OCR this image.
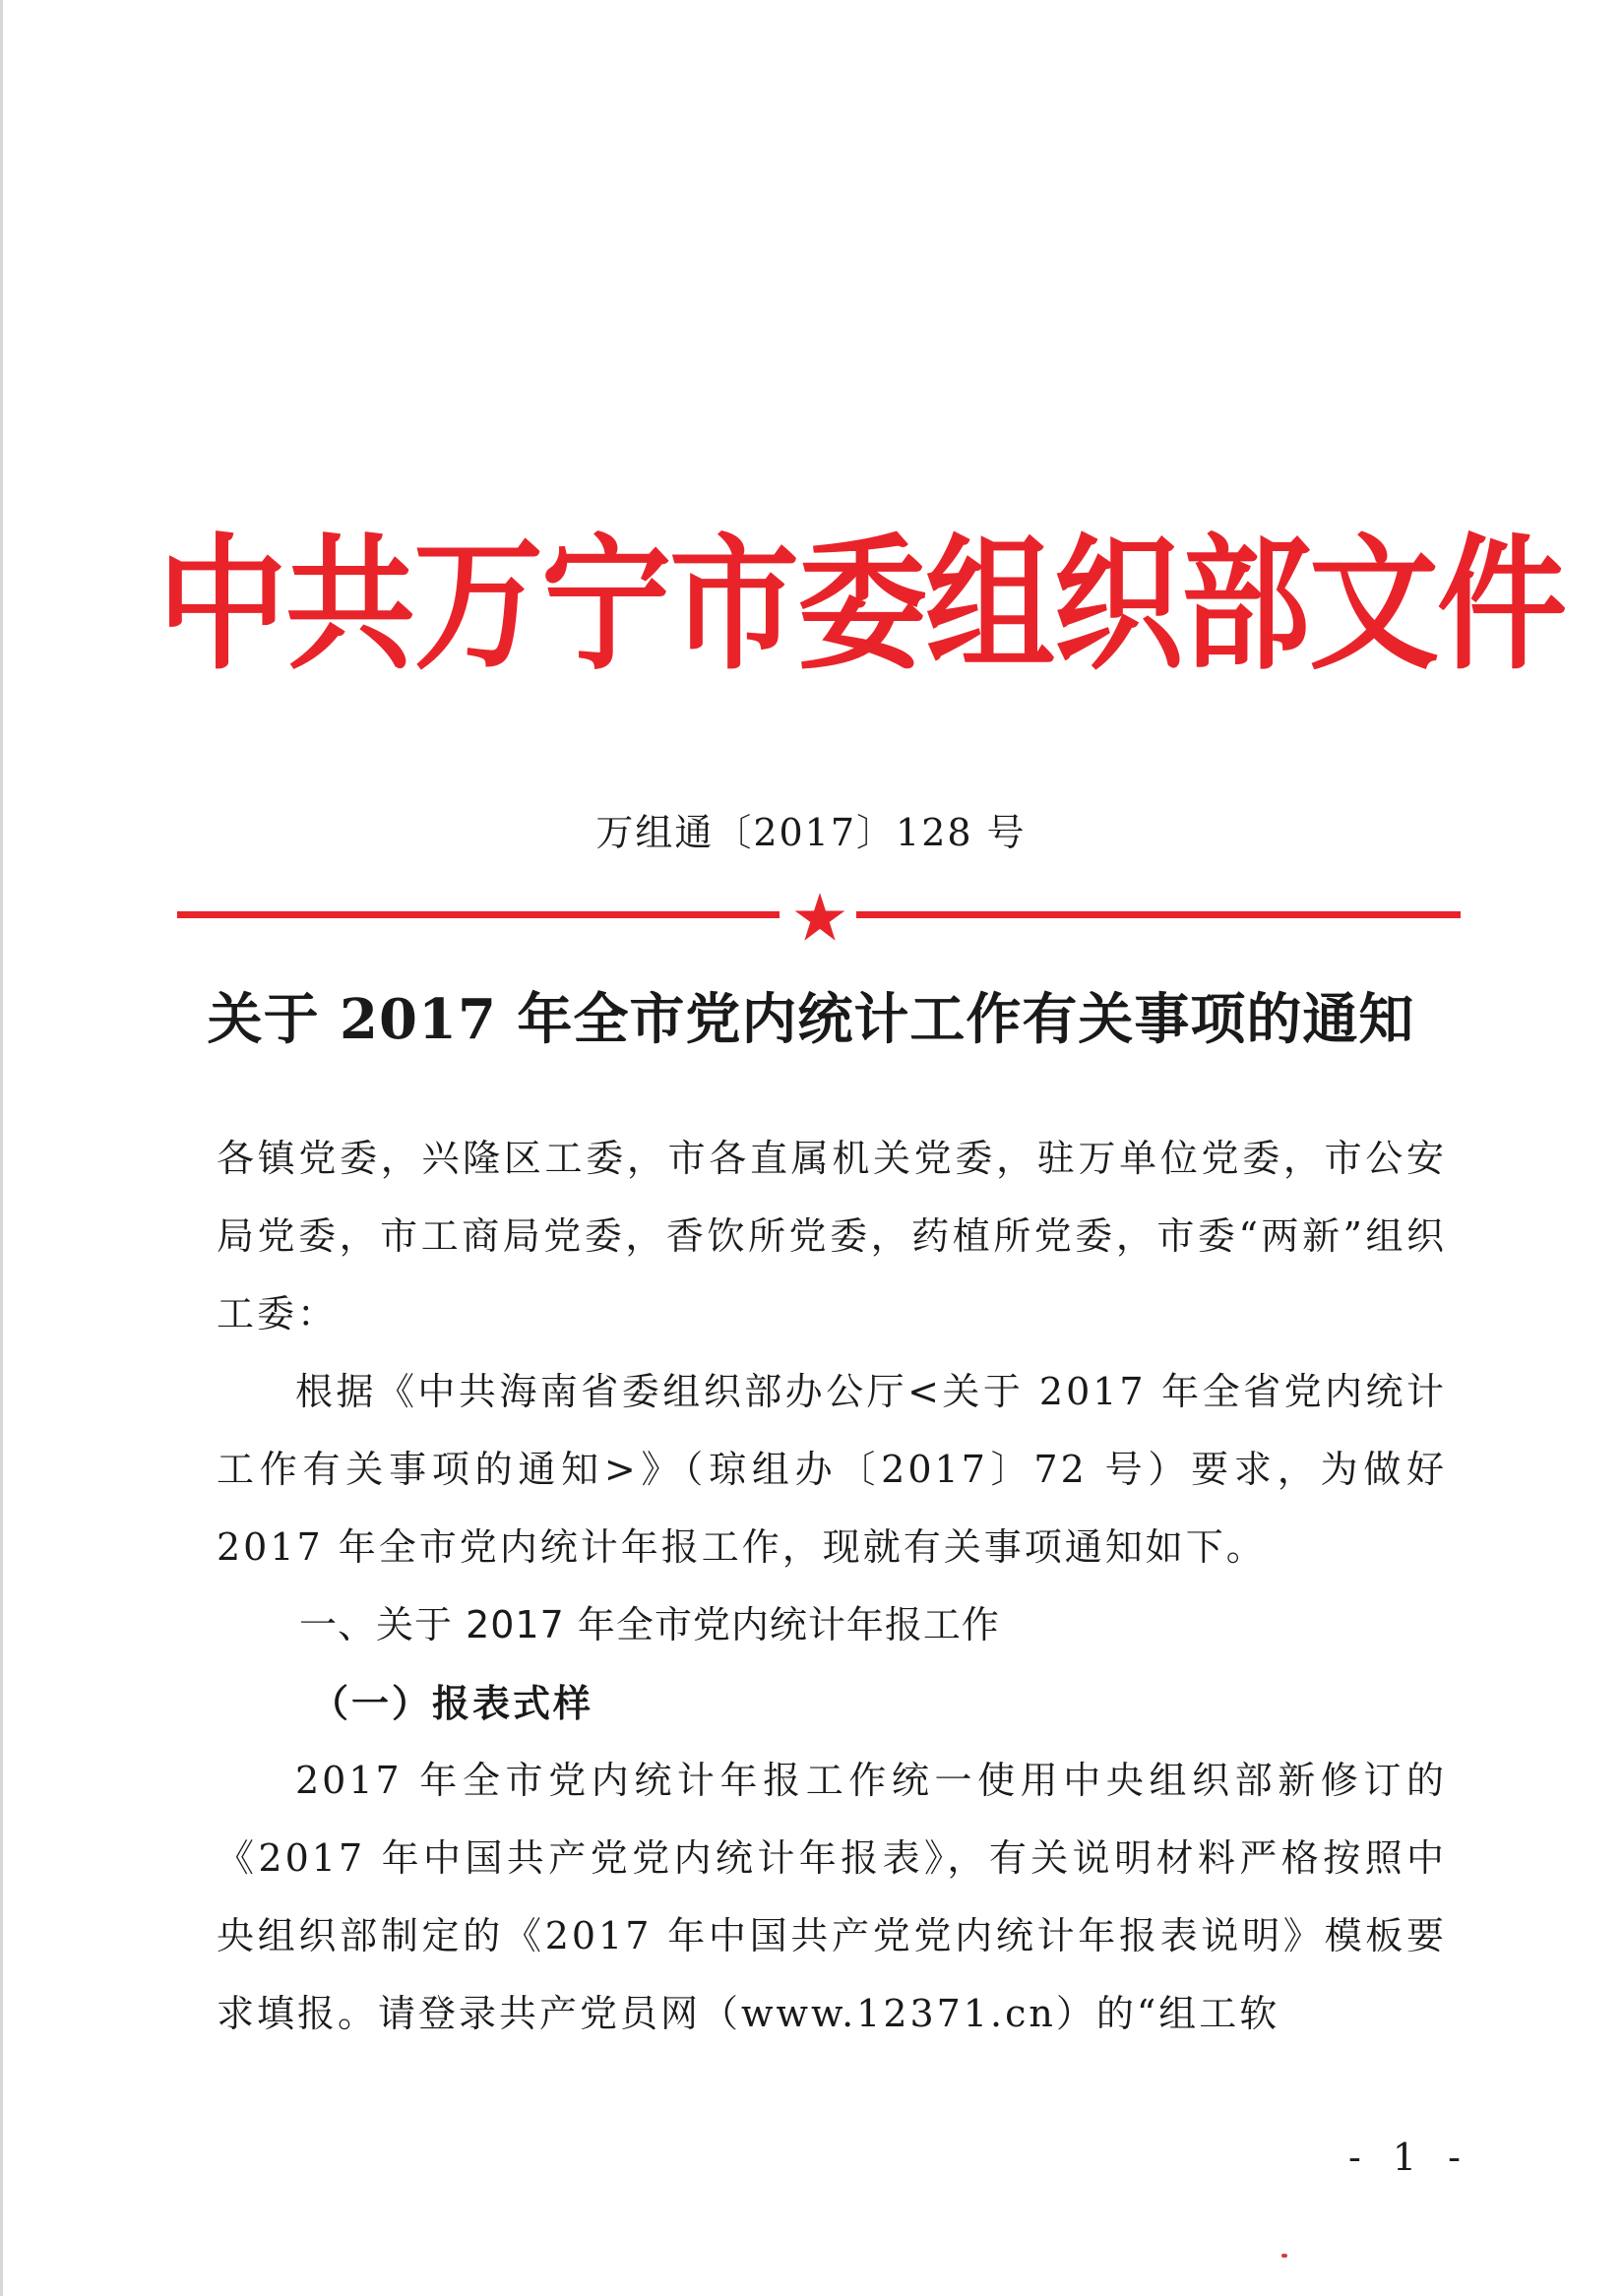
中共万宁市委组织部文件
万组通〔2017〕128 号
关于 2017 年全市党内统计工作有关事项的通知

各镇党委，兴隆区工委，市各直属机关党委，驻万单位党委，市公安局党委，市工商局党委，香饮所党委，药植所党委，市委“两新”组织工委：

根据《中共海南省委组织部办公厅<关于 2017 年全省党内统计工作有关事项的通知>》（琼组办〔2017〕72 号）要求，为做好 2017 年全市党内统计年报工作，现就有关事项通知如下。

一、关于 2017 年全市党内统计年报工作

（一）报表式样

2017 年全市党内统计年报工作统一使用中央组织部新修订的《2017 年中国共产党党内统计年报表》，有关说明材料严格按照中央组织部制定的《2017 年中国共产党党内统计年报表说明》模板要求填报。请登录共产党员网（www.12371.cn）的“组工软

- 1 -
